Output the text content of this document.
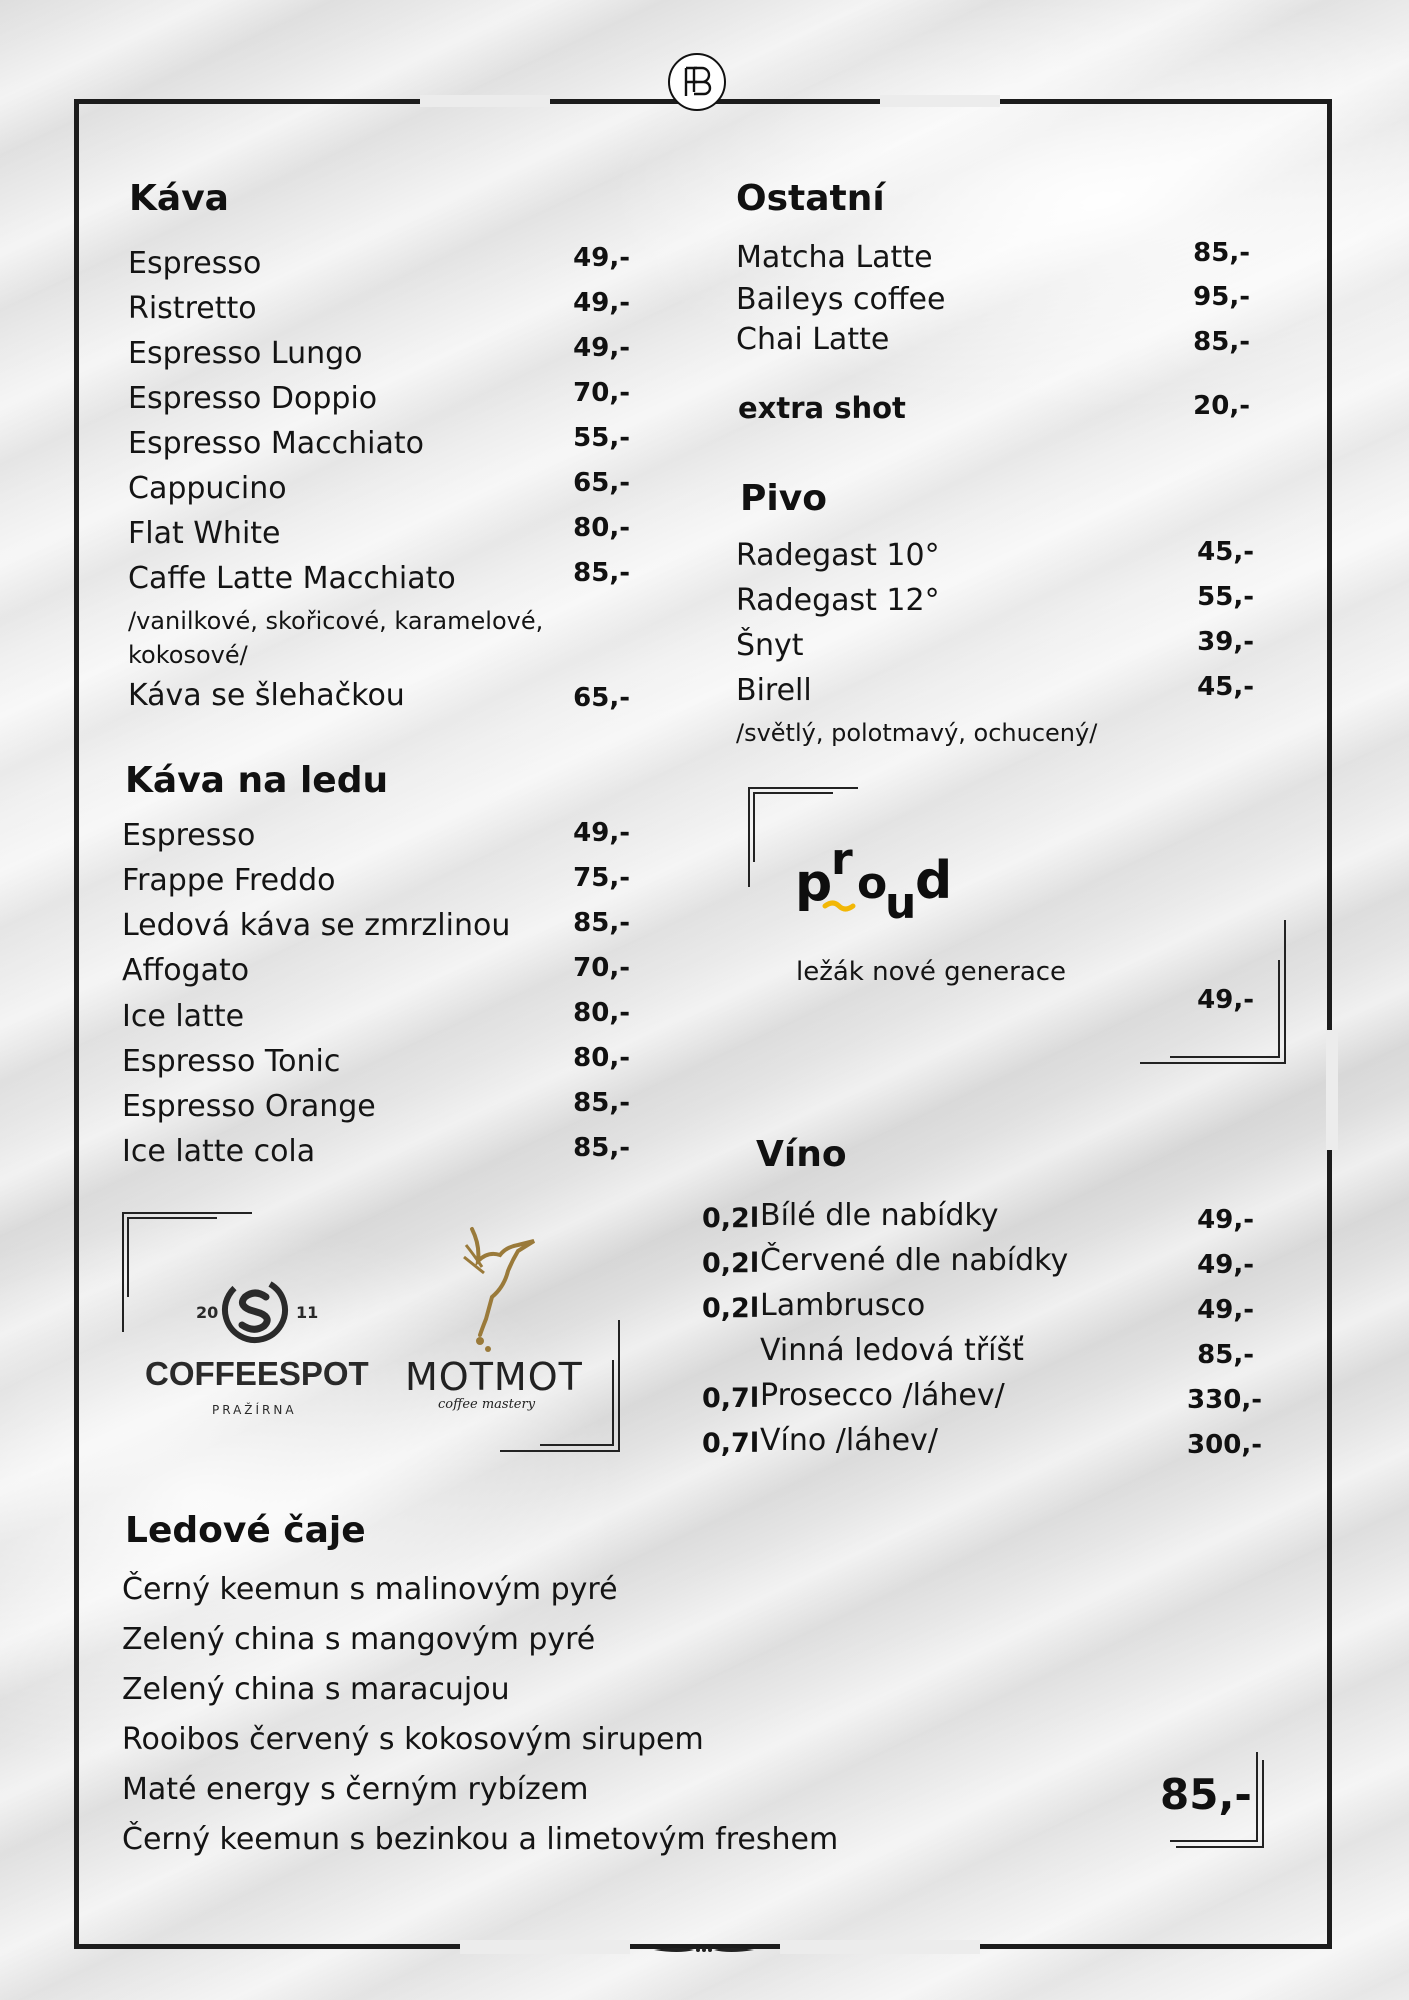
Káva
Espresso	49,-
Ristretto	49,-
Espresso Lungo	49,-
Espresso Doppio	70,-
Espresso Macchiato	55,-
Cappucino	65,-
Flat White	80,-
Caffe Latte Macchiato	85,-
/vanilkové, skořicové, karamelové, kokosové/
Káva se šlehačkou	65,-
Káva na ledu
Espresso	49,-
Frappe Freddo	75,-
Ledová káva se zmrzlinou	85,-
Affogato	70,-
Ice latte	80,-
Espresso Tonic	80,-
Espresso Orange	85,-
Ice latte cola	85,-
20	11
COFFEESPOT
PRAŽÍRNA
MOTMOT
coffee mastery
Ostatní
Matcha Latte	85,-
Baileys coffee	95,-
Chai Latte	85,-
extra shot	20,-
Pivo
Radegast 10°	45,-
Radegast 12°	55,-
Šnyt	39,-
Birell	45,-
/světlý, polotmavý, ochucený/
p
r o
u
d
ležák nové generace
49,-
Víno
0,2l Bílé dle nabídky	49,-
0,2l Červené dle nabídky	49,-
0,2l Lambrusco	49,-
Vinná ledová tříšť	85,-
0,7l Prosecco /láhev/	330,-
0,7l Víno /láhev/	300,-
Ledové čaje
Černý keemun s malinovým pyré
Zelený china s mangovým pyré
Zelený china s maracujou
Rooibos červený s kokosovým sirupem
Maté energy s černým rybízem
Černý keemun s bezinkou a limetovým freshem
85,-
